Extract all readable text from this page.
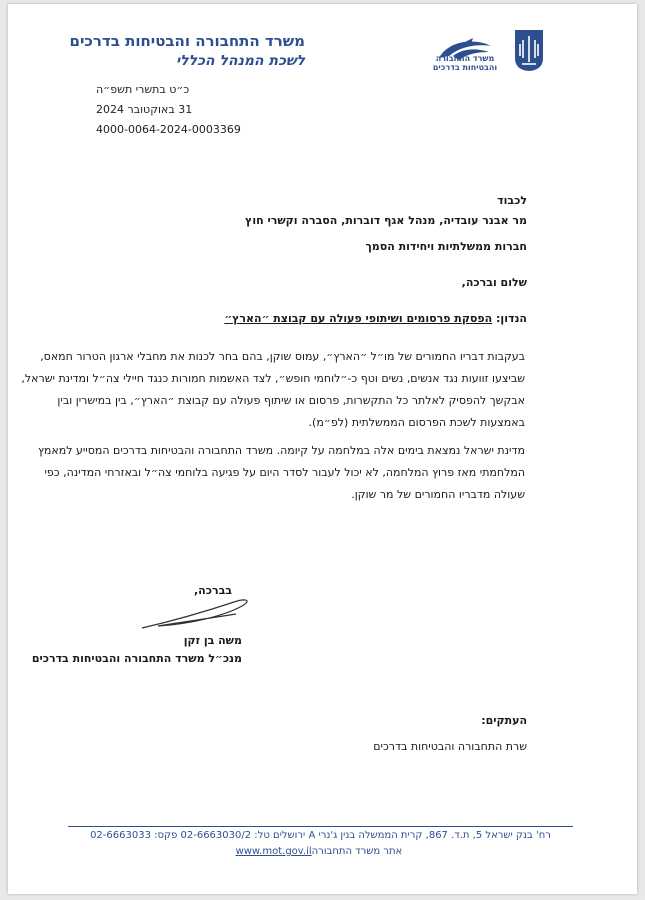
משרד התחבורה והבטיחות בדרכים
לשכת המנהל הכללי	משרד התחבורה
והבטיחות בדרכים
כ״ט בתשרי תשפ״ה
31 באוקטובר 2024
4000-0064-2024-0003369
לכבוד
מר אבנר עובדיה, מנהל אגף דוברות, הסברה וקשרי חוץ
חברות ממשלתיות ויחידות הסמך
שלום וברכה,
הנדון: הפסקת פרסומים ושיתופי פעולה עם קבוצת ״הארץ״
בעקבות דבריו החמורים של מו״ל ״הארץ״, עמוס שוקן, בהם בחר לכנות את מחבלי ארגון הטרור חמאס, שביצעו זוועות נגד אנשים, נשים וטף כ-״לוחמי חופש״, לצד האשמות חמורות כנגד חיילי צה״ל ומדינת ישראל, אבקשך להפסיק לאלתר כל התקשרות, פרסום או שיתוף פעולה עם קבוצת ״הארץ״, בין במישרין ובין באמצעות לשכת הפרסום הממשלתית (לפ״מ).
מדינת ישראל נמצאת בימים אלה במלחמה על קיומה. משרד התחבורה והבטיחות בדרכים המסייע למאמץ המלחמתי מאז פרוץ המלחמה, לא יכול לעבור לסדר היום על פגיעה בלוחמי צה״ל ובאזרחי המדינה, כפי שעולה מדבריו החמורים של מר שוקן.
בברכה,
משה בן זקן
מנכ״ל משרד התחבורה והבטיחות בדרכים
העתקים:
שרת התחבורה והבטיחות בדרכים
רח' בנק ישראל 5, ת.ד. 867, קרית הממשלה בנין ג'נרי A ירושלים טל: 02-6663030/2 פקס: 02-6663033
www.mot.gov.il אתר משרד התחבורה
